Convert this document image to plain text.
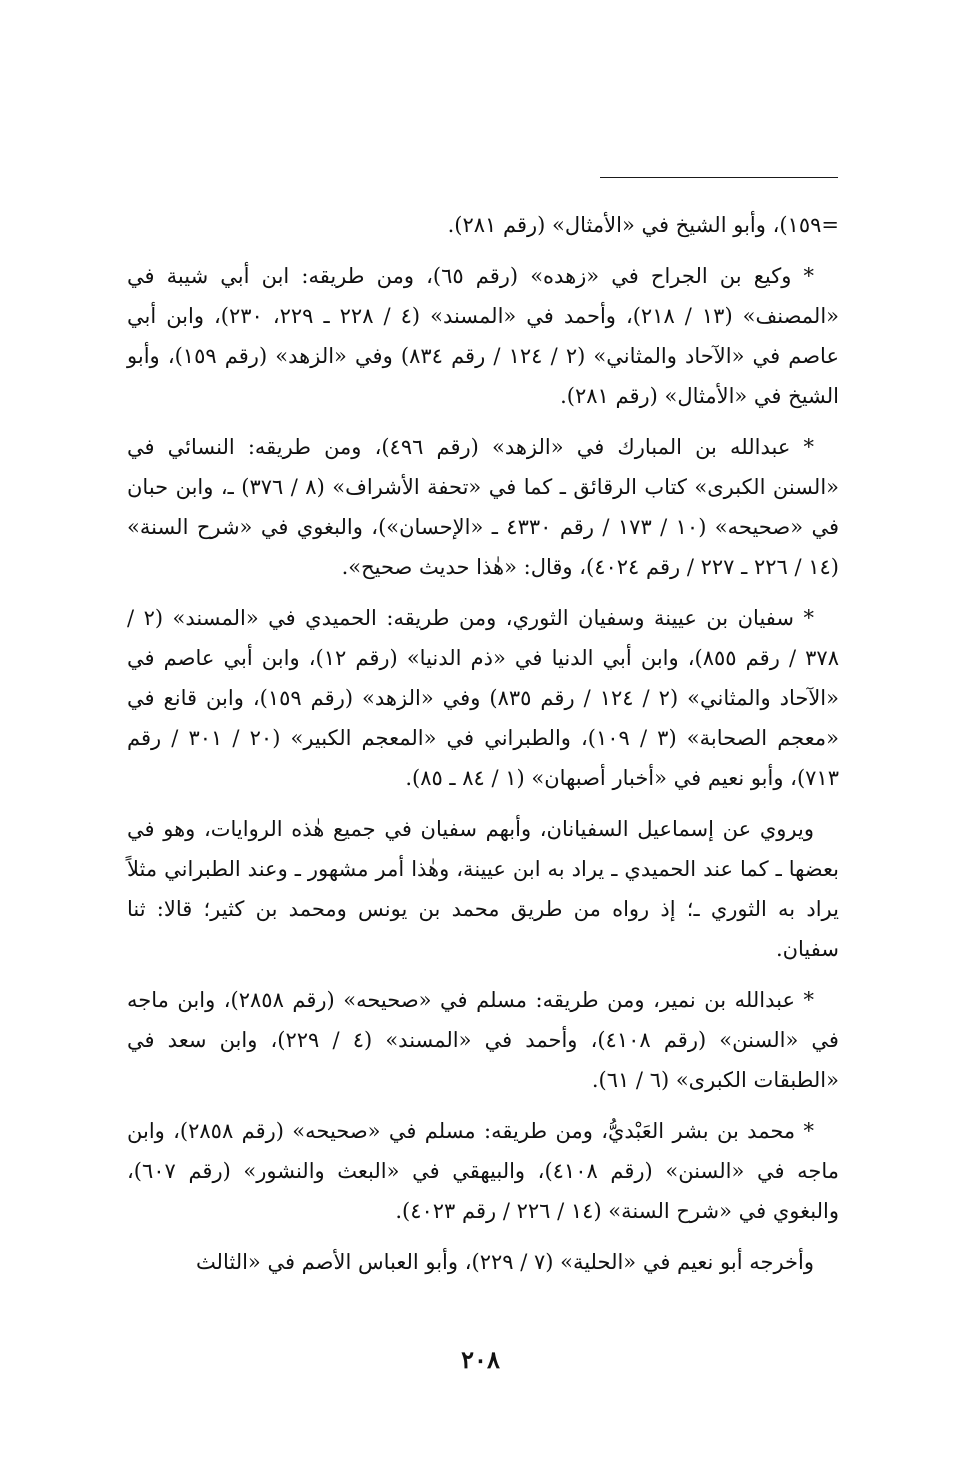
=١٥٩)، وأبو الشيخ في «الأمثال» (رقم ٢٨١).

* وكيع بن الجراح في «زهده» (رقم ٦٥)، ومن طريقه: ابن أبي شيبة في «المصنف» (١٣ / ٢١٨)، وأحمد في «المسند» (٤ / ٢٢٨ ـ ٢٢٩، ٢٣٠)، وابن أبي عاصم في «الآحاد والمثاني» (٢ / ١٢٤ / رقم ٨٣٤) وفي «الزهد» (رقم ١٥٩)، وأبو الشيخ في «الأمثال» (رقم ٢٨١).

* عبدالله بن المبارك في «الزهد» (رقم ٤٩٦)، ومن طريقه: النسائي في «السنن الكبرى» كتاب الرقائق ـ كما في «تحفة الأشراف» (٨ / ٣٧٦) ـ، وابن حبان في «صحيحه» (١٠ / ١٧٣ / رقم ٤٣٣٠ ـ «الإحسان»)، والبغوي في «شرح السنة» (١٤ / ٢٢٦ ـ ٢٢٧ / رقم ٤٠٢٤)، وقال: «هٰذا حديث صحيح».

* سفيان بن عيينة وسفيان الثوري، ومن طريقه: الحميدي في «المسند» (٢ / ٣٧٨ / رقم ٨٥٥)، وابن أبي الدنيا في «ذم الدنيا» (رقم ١٢)، وابن أبي عاصم في «الآحاد والمثاني» (٢ / ١٢٤ / رقم ٨٣٥) وفي «الزهد» (رقم ١٥٩)، وابن قانع في «معجم الصحابة» (٣ / ١٠٩)، والطبراني في «المعجم الكبير» (٢٠ / ٣٠١ / رقم ٧١٣)، وأبو نعيم في «أخبار أصبهان» (١ / ٨٤ ـ ٨٥).

ويروي عن إسماعيل السفيانان، وأبهم سفيان في جميع هٰذه الروايات، وهو في بعضها ـ كما عند الحميدي ـ يراد به ابن عيينة، وهٰذا أمر مشهور ـ وعند الطبراني مثلاً يراد به الثوري ـ؛ إذ رواه من طريق محمد بن يونس ومحمد بن كثير؛ قالا: ثنا سفيان.

* عبدالله بن نمير، ومن طريقه: مسلم في «صحيحه» (رقم ٢٨٥٨)، وابن ماجه في «السنن» (رقم ٤١٠٨)، وأحمد في «المسند» (٤ / ٢٢٩)، وابن سعد في «الطبقات الكبرى» (٦ / ٦١).

* محمد بن بشر العَبْديُّ، ومن طريقه: مسلم في «صحيحه» (رقم ٢٨٥٨)، وابن ماجه في «السنن» (رقم ٤١٠٨)، والبيهقي في «البعث والنشور» (رقم ٦٠٧)، والبغوي في «شرح السنة» (١٤ / ٢٢٦ / رقم ٤٠٢٣).

وأخرجه أبو نعيم في «الحلية» (٧ / ٢٢٩)، وأبو العباس الأصم في «الثالث

٢٠٨
